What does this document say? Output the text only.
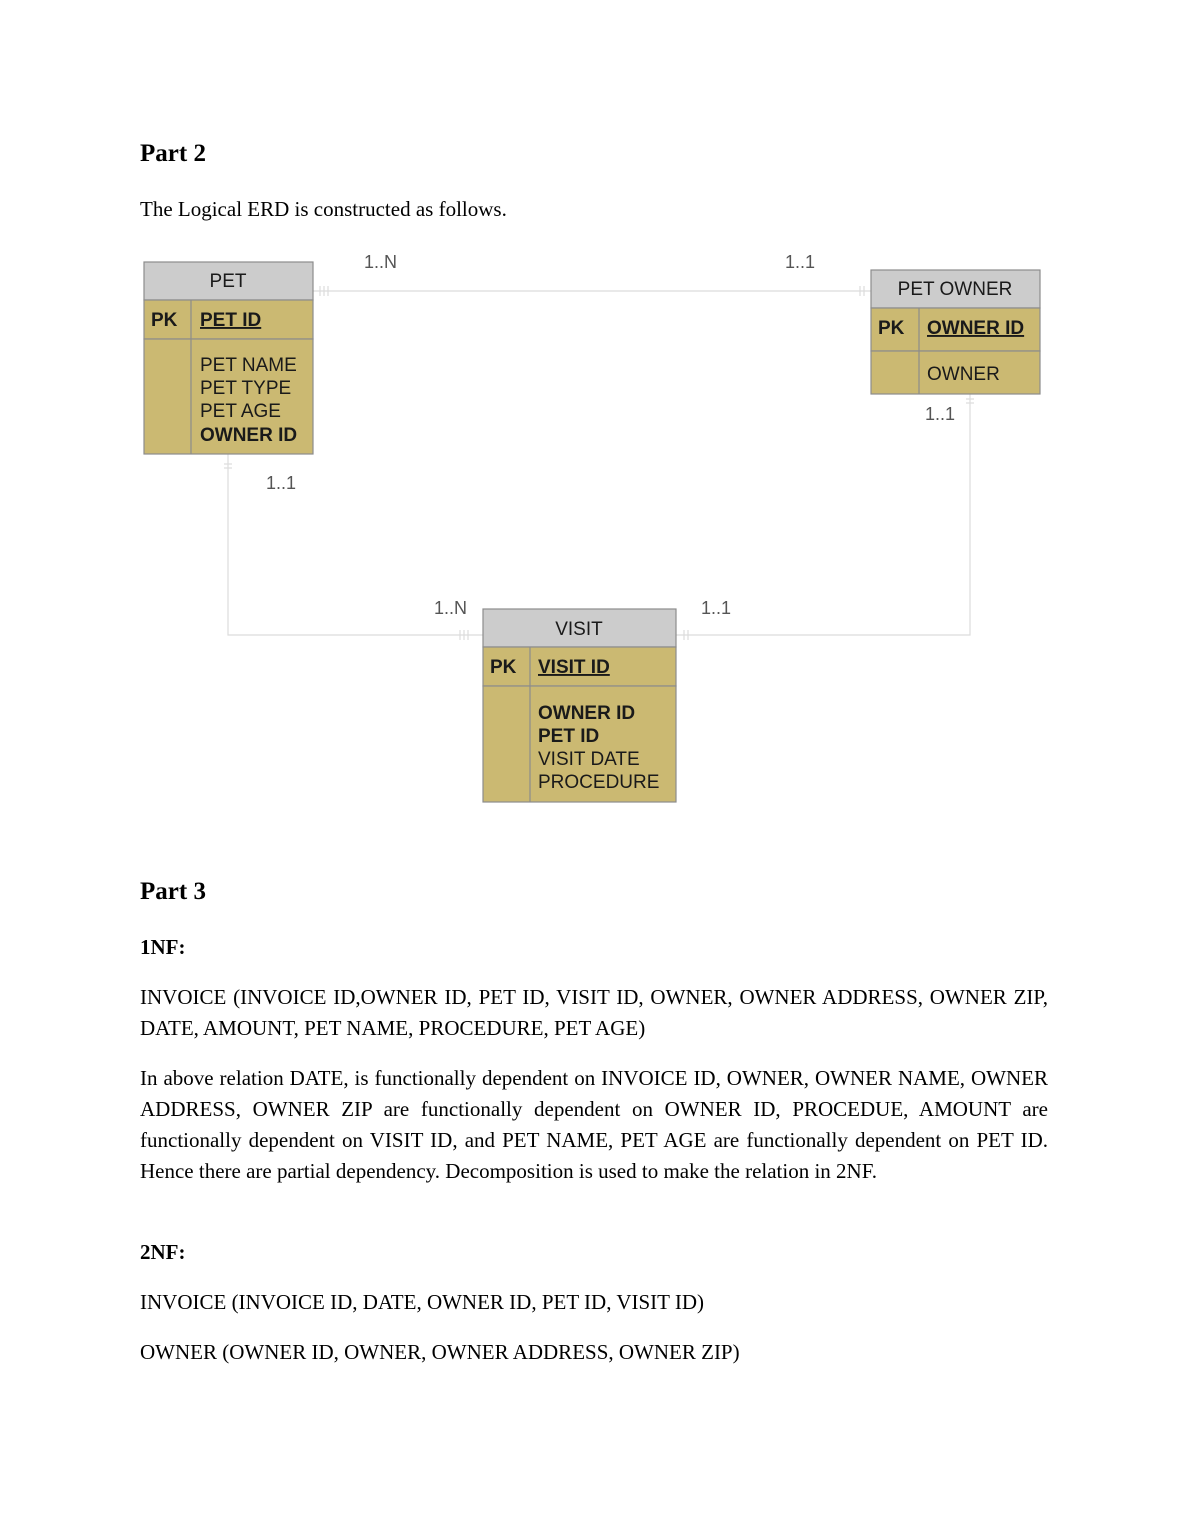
Part 2

The Logical ERD is constructed as follows.

1..N	1..1
1..1
1..1
1..N	1..1
PET
PK PET ID
PET NAME
PET TYPE
PET AGE
OWNER ID
PET OWNER
PK OWNER ID
OWNER
VISIT
PK VISIT ID
OWNER ID
PET ID
VISIT DATE
PROCEDURE
Part 3

1NF:

INVOICE (INVOICE ID,OWNER ID, PET ID, VISIT ID, OWNER, OWNER ADDRESS, OWNER ZIP, DATE, AMOUNT, PET NAME, PROCEDURE, PET AGE)

In above relation DATE, is functionally dependent on INVOICE ID, OWNER, OWNER NAME, OWNER ADDRESS, OWNER ZIP are functionally dependent on OWNER ID, PROCEDUE, AMOUNT are functionally dependent on VISIT ID, and PET NAME, PET AGE are functionally dependent on PET ID. Hence there are partial dependency. Decomposition is used to make the relation in 2NF.

2NF:

INVOICE (INVOICE ID, DATE, OWNER ID, PET ID, VISIT ID)

OWNER (OWNER ID, OWNER, OWNER ADDRESS, OWNER ZIP)
